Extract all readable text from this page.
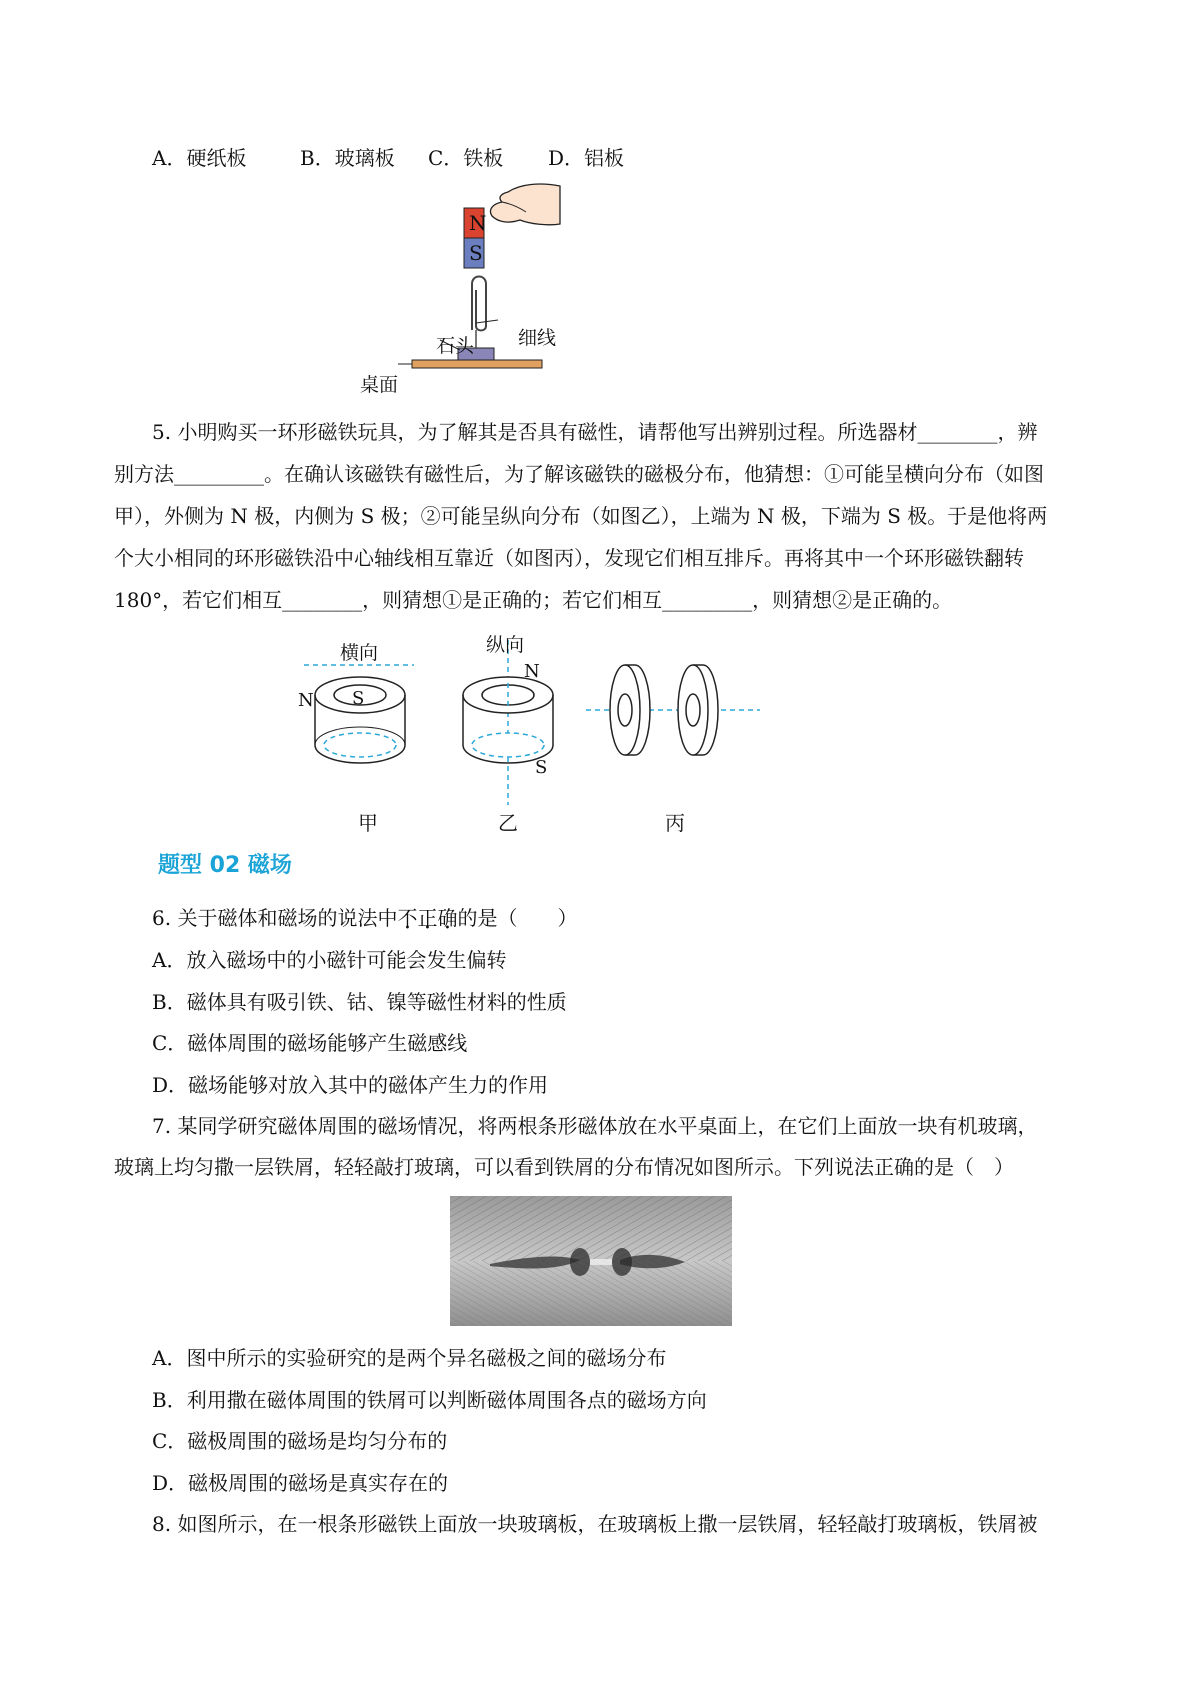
A．硬纸板	B．玻璃板 C．铁板 D．铝板
N
S
石头 细线
桌面
5. 小明购买一环形磁铁玩具，为了解其是否具有磁性，请帮他写出辨别过程。所选器材________，辨
别方法_________。在确认该磁铁有磁性后，为了解该磁铁的磁极分布，他猜想：①可能呈横向分布（如图
甲），外侧为 N 极，内侧为 S 极；②可能呈纵向分布（如图乙），上端为 N 极，下端为 S 极。于是他将两
个大小相同的环形磁铁沿中心轴线相互靠近（如图丙），发现它们相互排斥。再将其中一个环形磁铁翻转
180°，若它们相互________，则猜想①是正确的；若它们相互_________，则猜想②是正确的。
横向
N S
纵向
N
S
甲	乙	丙
题型 02 磁场
6. 关于磁体和磁场的说法中不正确的是（　　）
A．放入磁场中的小磁针可能会发生偏转
B．磁体具有吸引铁、钴、镍等磁性材料的性质
C．磁体周围的磁场能够产生磁感线
D．磁场能够对放入其中的磁体产生力的作用
7. 某同学研究磁体周围的磁场情况，将两根条形磁体放在水平桌面上，在它们上面放一块有机玻璃，
玻璃上均匀撒一层铁屑，轻轻敲打玻璃，可以看到铁屑的分布情况如图所示。下列说法正确的是（　）
A．图中所示的实验研究的是两个异名磁极之间的磁场分布
B．利用撒在磁体周围的铁屑可以判断磁体周围各点的磁场方向
C．磁极周围的磁场是均匀分布的
D．磁极周围的磁场是真实存在的
8. 如图所示，在一根条形磁铁上面放一块玻璃板，在玻璃板上撒一层铁屑，轻轻敲打玻璃板，铁屑被
